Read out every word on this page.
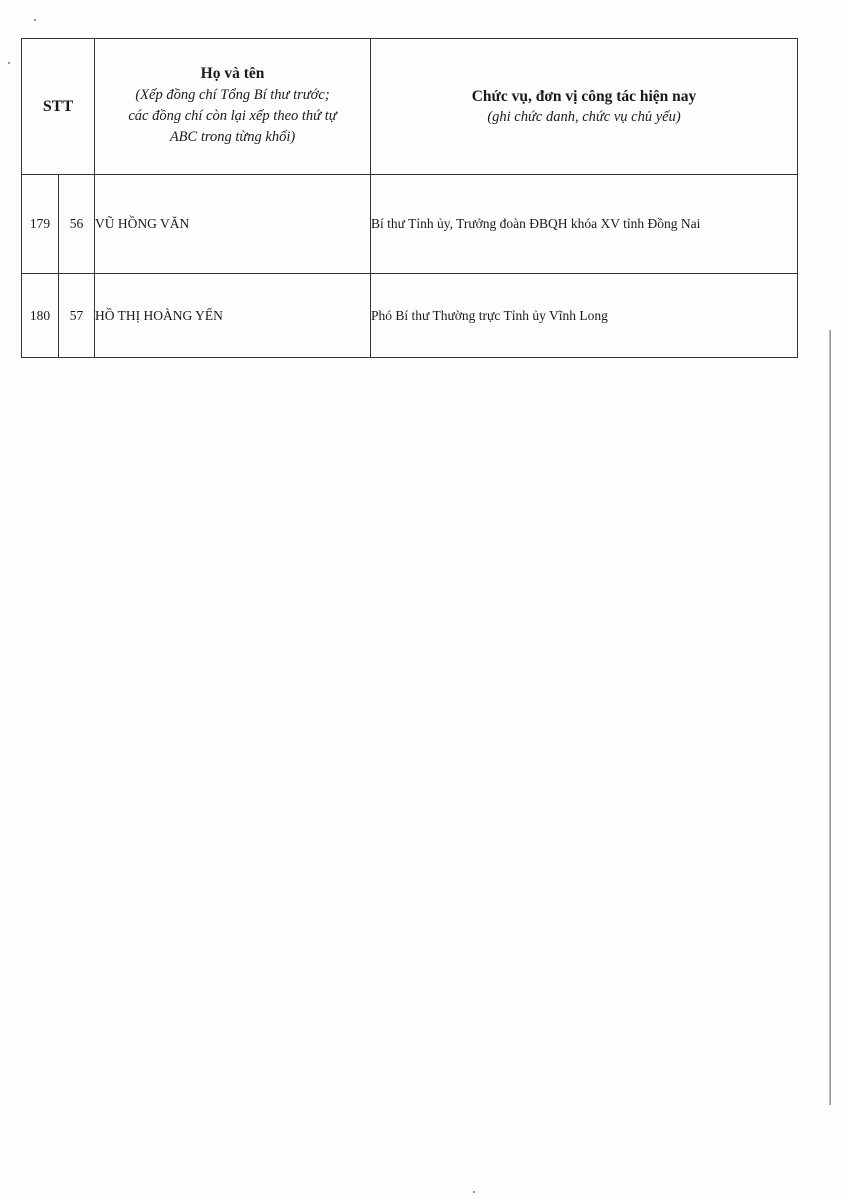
STT		Họ và tên
(Xếp đồng chí Tổng Bí thư trước;
các đồng chí còn lại xếp theo thứ tự
ABC trong từng khối)	Chức vụ, đơn vị công tác hiện nay
(ghi chức danh, chức vụ chủ yếu)

179	56	VŨ HỒNG VĂN	Bí thư Tỉnh ủy, Trưởng đoàn ĐBQH khóa XV tỉnh Đồng Nai
180	57	HỒ THỊ HOÀNG YẾN	Phó Bí thư Thường trực Tỉnh ủy Vĩnh Long
